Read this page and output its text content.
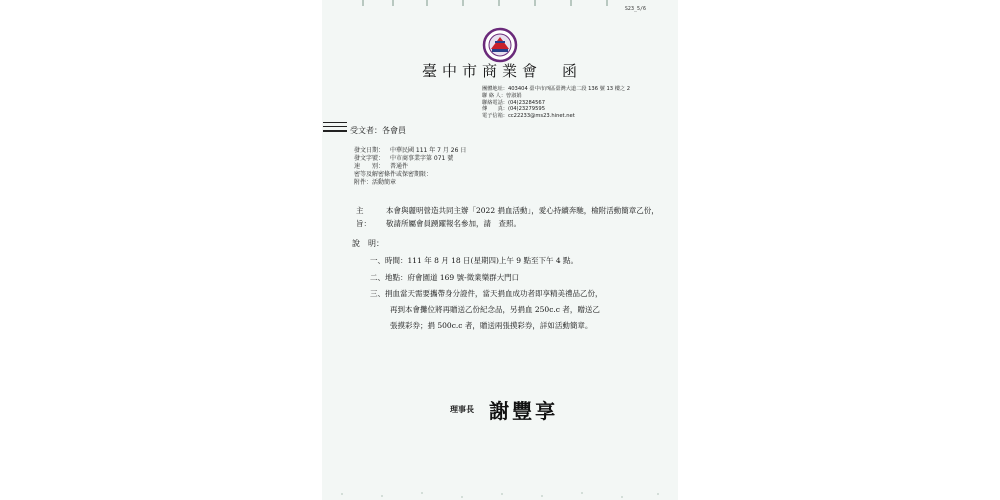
S23_5/6
臺中市商業會　函
團體地址：403404 臺中市西區臺灣大道二段 136 號 13 樓之 2
聯 絡 人：曾淑娟
聯絡電話：(04)23284567
傳　　真：(04)23279595
電子信箱：cc22233@ms23.hinet.net
受文者：各會員
發文日期： 中華民國 111 年 7 月 26 日
發文字號： 中市商事業字第 071 號
速　　別： 普通件
密等及解密條件或保密期限：
附件：活動簡章
主　旨：
本會與麗明營造共同主辦「2022 捐血活動」，愛心持續奔馳，檢附活動簡章乙份，敬請所屬會員踴躍報名參加，請　查照。
說　明：
一、時間：111 年 8 月 18 日(星期四)上午 9 點至下午 4 點。
二、地點：府會園道 169 號-徵業樂群大門口
三、捐血當天需要攜帶身分證件，當天捐血成功者即享精美禮品乙份，
再到本會攤位將再贈送乙份紀念品，另捐血 250c.c 者，贈送乙
張摸彩券；捐 500c.c 者，贈送兩張摸彩券，詳如活動簡章。
理事長 謝豐享
